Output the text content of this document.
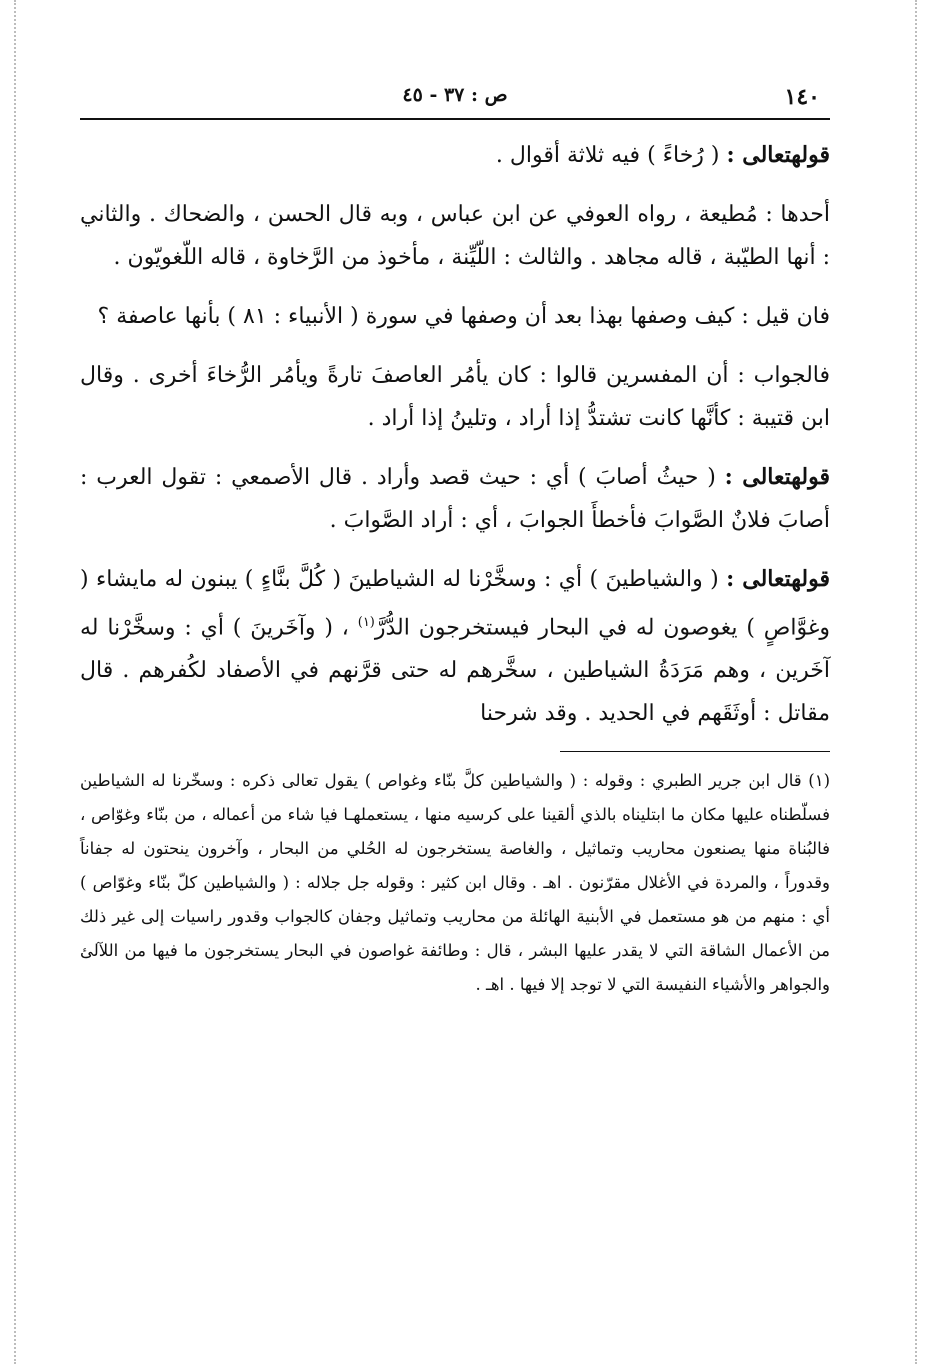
١٤٠
ص : ٣٧ - ٤٥

قولهتعالى : ( رُخاءً ) فيه ثلاثة أقوال .

أحدها : مُطيعة ، رواه العوفي عن ابن عباس ، وبه قال الحسن ، والضحاك . والثاني : أنها الطيّبة ، قاله مجاهد . والثالث : اللّيِّنة ، مأخوذ من الرَّخاوة ، قاله اللّغويّون .

فان قيل : كيف وصفها بهذا بعد أن وصفها في سورة ( الأنبياء : ٨١ ) بأنها عاصفة ؟

فالجواب : أن المفسرين قالوا : كان يأمُر العاصفَ تارةً ويأمُر الرُّخاءَ أخرى . وقال ابن قتيبة : كأنَّها كانت تشتدُّ إذا أراد ، وتلينُ إذا أراد .

قولهتعالى : ( حيثُ أصابَ ) أي : حيث قصد وأراد . قال الأصمعي : تقول العرب : أصابَ فلانٌ الصَّوابَ فأخطأَ الجوابَ ، أي : أراد الصَّوابَ .

قولهتعالى : ( والشياطينَ ) أي : وسخَّرْنا له الشياطينَ ( كُلَّ بنَّاءٍ ) يبنون له مايشاء ( وغوَّاصٍ ) يغوصون له في البحار فيستخرجون الدُّرَّ$^{(١)}$ ، ( وآخَرينَ ) أي : وسخَّرْنا له آخَرين ، وهم مَرَدَةُ الشياطين ، سخَّرهم له حتى قرَّنهم في الأصفاد لكُفرهم . قال مقاتل : أوثَقَهم في الحديد . وقد شرحنا

(١) قال ابن جرير الطبري : وقوله : ( والشياطين كلَّ بنّاء وغواص ) يقول تعالى ذكره : وسخّرنا له الشياطين فسلّطناه عليها مكان ما ابتليناه بالذي ألقينا على كرسيه منها ، يستعملهـا فيا شاء من أعماله ، من بنّاء وغوّاص ، فالبُناة منها يصنعون محاريب وتماثيل ، والغاصة يستخرجون له الحُلي من البحار ، وآخرون ينحتون له جفاناً وقدوراً ، والمردة في الأغلال مقرّنون . اهـ . وقال ابن كثير : وقوله جل جلاله : ( والشياطين كلّ بنّاء وغوّاص ) أي : منهم من هو مستعمل في الأبنية الهائلة من محاريب وتماثيل وجفان كالجواب وقدور راسيات إلى غير ذلك من الأعمال الشاقة التي لا يقدر عليها البشر ، قال : وطائفة غواصون في البحار يستخرجون ما فيها من اللآلئ والجواهر والأشياء النفيسة التي لا توجد إلا فيها . اهـ .
